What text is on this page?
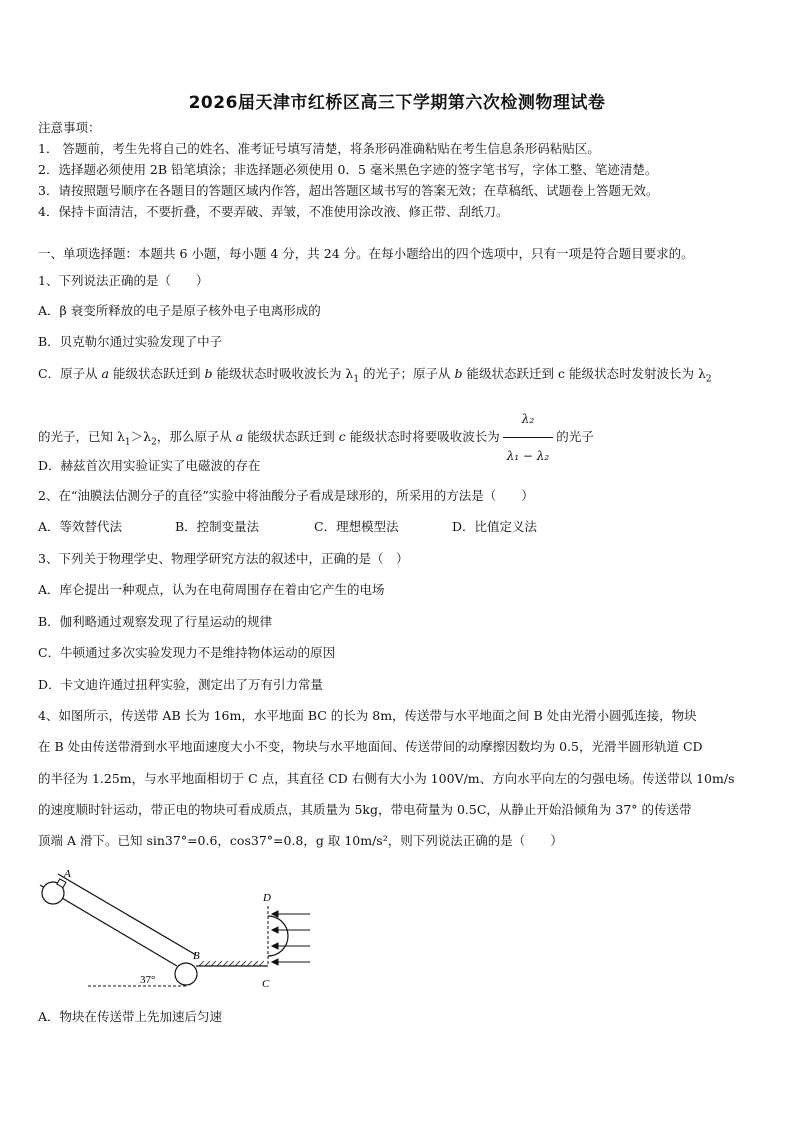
2026届天津市红桥区高三下学期第六次检测物理试卷
注意事项：
1． 答题前，考生先将自己的姓名、准考证号填写清楚，将条形码准确粘贴在考生信息条形码粘贴区。
2．选择题必须使用 2B 铅笔填涂；非选择题必须使用 0．5 毫米黑色字迹的签字笔书写，字体工整、笔迹清楚。
3．请按照题号顺序在各题目的答题区域内作答，超出答题区域书写的答案无效；在草稿纸、试题卷上答题无效。
4．保持卡面清洁，不要折叠，不要弄破、弄皱，不准使用涂改液、修正带、刮纸刀。
一、单项选择题：本题共 6 小题，每小题 4 分，共 24 分。在每小题给出的四个选项中，只有一项是符合题目要求的。
1、下列说法正确的是（　　）
A．β 衰变所释放的电子是原子核外电子电离形成的
B．贝克勒尔通过实验发现了中子
C．原子从 a 能级状态跃迁到 b 能级状态时吸收波长为 $\lambda_1$ 的光子；原子从 b 能级状态跃迁到 c 能级状态时发射波长为 $\lambda_2$
的光子，已知 $\lambda_1>\lambda_2$，那么原子从 a 能级状态跃迁到 c 能级状态时将要吸收波长为 $\frac{\text{λ₂}}{\text{λ₁ − λ₂}}$ 的光子
D．赫兹首次用实验证实了电磁波的存在
2、在“油膜法估测分子的直径”实验中将油酸分子看成是球形的，所采用的方法是（　　）
A．等效替代法	B．控制变量法	C．理想模型法	D．比值定义法
3、下列关于物理学史、物理学研究方法的叙述中，正确的是（　）
A．库仑提出一种观点，认为在电荷周围存在着由它产生的电场
B．伽利略通过观察发现了行星运动的规律
C．牛顿通过多次实验发现力不是维持物体运动的原因
D．卡文迪许通过扭秤实验，测定出了万有引力常量
4、如图所示，传送带 AB 长为 16m，水平地面 BC 的长为 8m，传送带与水平地面之间 B 处由光滑小圆弧连接，物块
在 B 处由传送带滑到水平地面速度大小不变，物块与水平地面间、传送带间的动摩擦因数均为 0.5，光滑半圆形轨道 CD
的半径为 1.25m，与水平地面相切于 C 点，其直径 CD 右侧有大小为 100V/m、方向水平向左的匀强电场。传送带以 10m/s
的速度顺时针运动，带正电的物块可看成质点，其质量为 5kg，带电荷量为 0.5C，从静止开始沿倾角为 37° 的传送带
顶端 A 滑下。已知 sin37°=0.6，cos37°=0.8，g 取 10m/s²，则下列说法正确的是（　　）
A
37°
B
D
C
A．物块在传送带上先加速后匀速
